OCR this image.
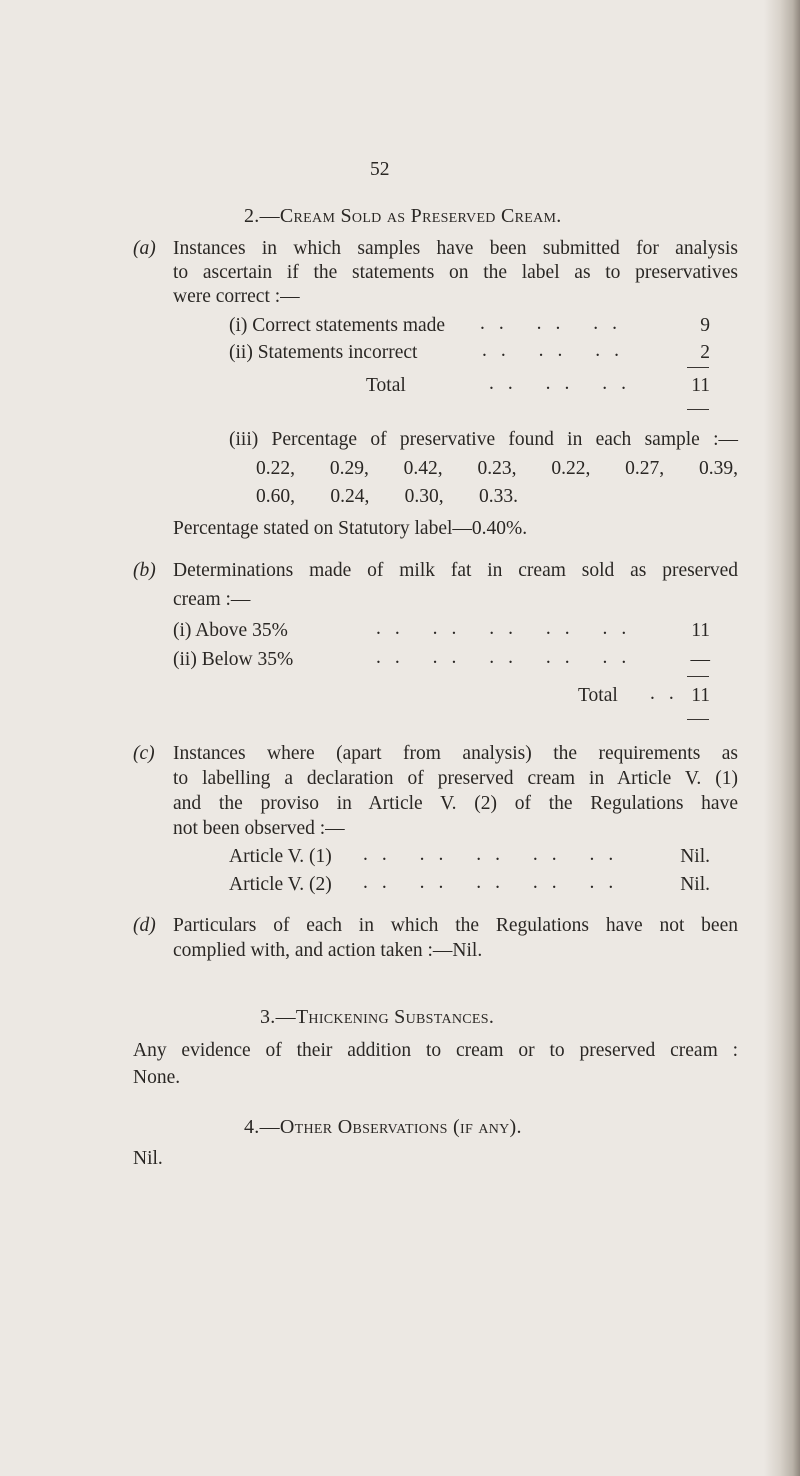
52
2.—Cream Sold as Preserved Cream.
(a) Instances in which samples have been submitted for analysis
to ascertain if the statements on the label as to preservatives
were correct :—
(i) Correct statements made .. .. ..	9
(ii) Statements incorrect	.. .. ..	2
Total	.. .. ..	11
(iii) Percentage of preservative found in each sample :—
0.22, 0.29, 0.42, 0.23, 0.22, 0.27, 0.39,
0.60, 0.24, 0.30, 0.33.
Percentage stated on Statutory label—0.40%.
(b) Determinations made of milk fat in cream sold as preserved
cream :—
(i) Above 35%	.. .. .. .. ..	11
(ii) Below 35%	.. .. .. .. ..	—
Total .. 11
(c) Instances where (apart from analysis) the requirements as
to labelling a declaration of preserved cream in Article V. (1)
and the proviso in Article V. (2) of the Regulations have
not been observed :—
Article V. (1) .. .. .. .. ..	Nil.
Article V. (2) .. .. .. .. ..	Nil.
(d) Particulars of each in which the Regulations have not been
complied with, and action taken :—Nil.
3.—Thickening Substances.
Any evidence of their addition to cream or to preserved cream :
None.
4.—Other Observations (if any).
Nil.
